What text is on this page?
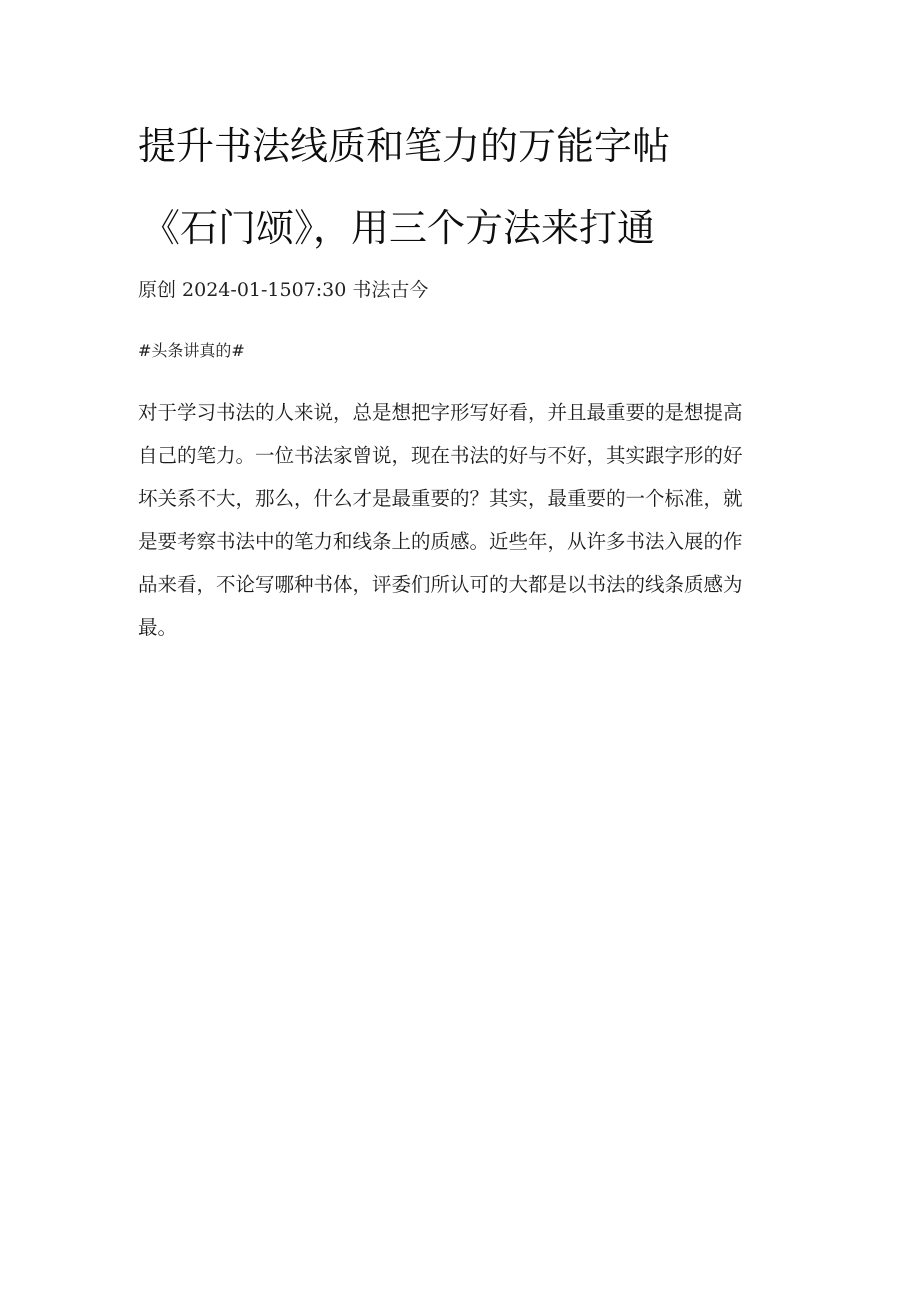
提升书法线质和笔力的万能字帖
《石门颂》，用三个方法来打通
原创 2024-01-1507:30 书法古今
#头条讲真的#
对于学习书法的人来说，总是想把字形写好看，并且最重要的是想提高
自己的笔力。一位书法家曾说，现在书法的好与不好，其实跟字形的好
坏关系不大，那么，什么才是最重要的？其实，最重要的一个标准，就
是要考察书法中的笔力和线条上的质感。近些年，从许多书法入展的作
品来看，不论写哪种书体，评委们所认可的大都是以书法的线条质感为
最。
